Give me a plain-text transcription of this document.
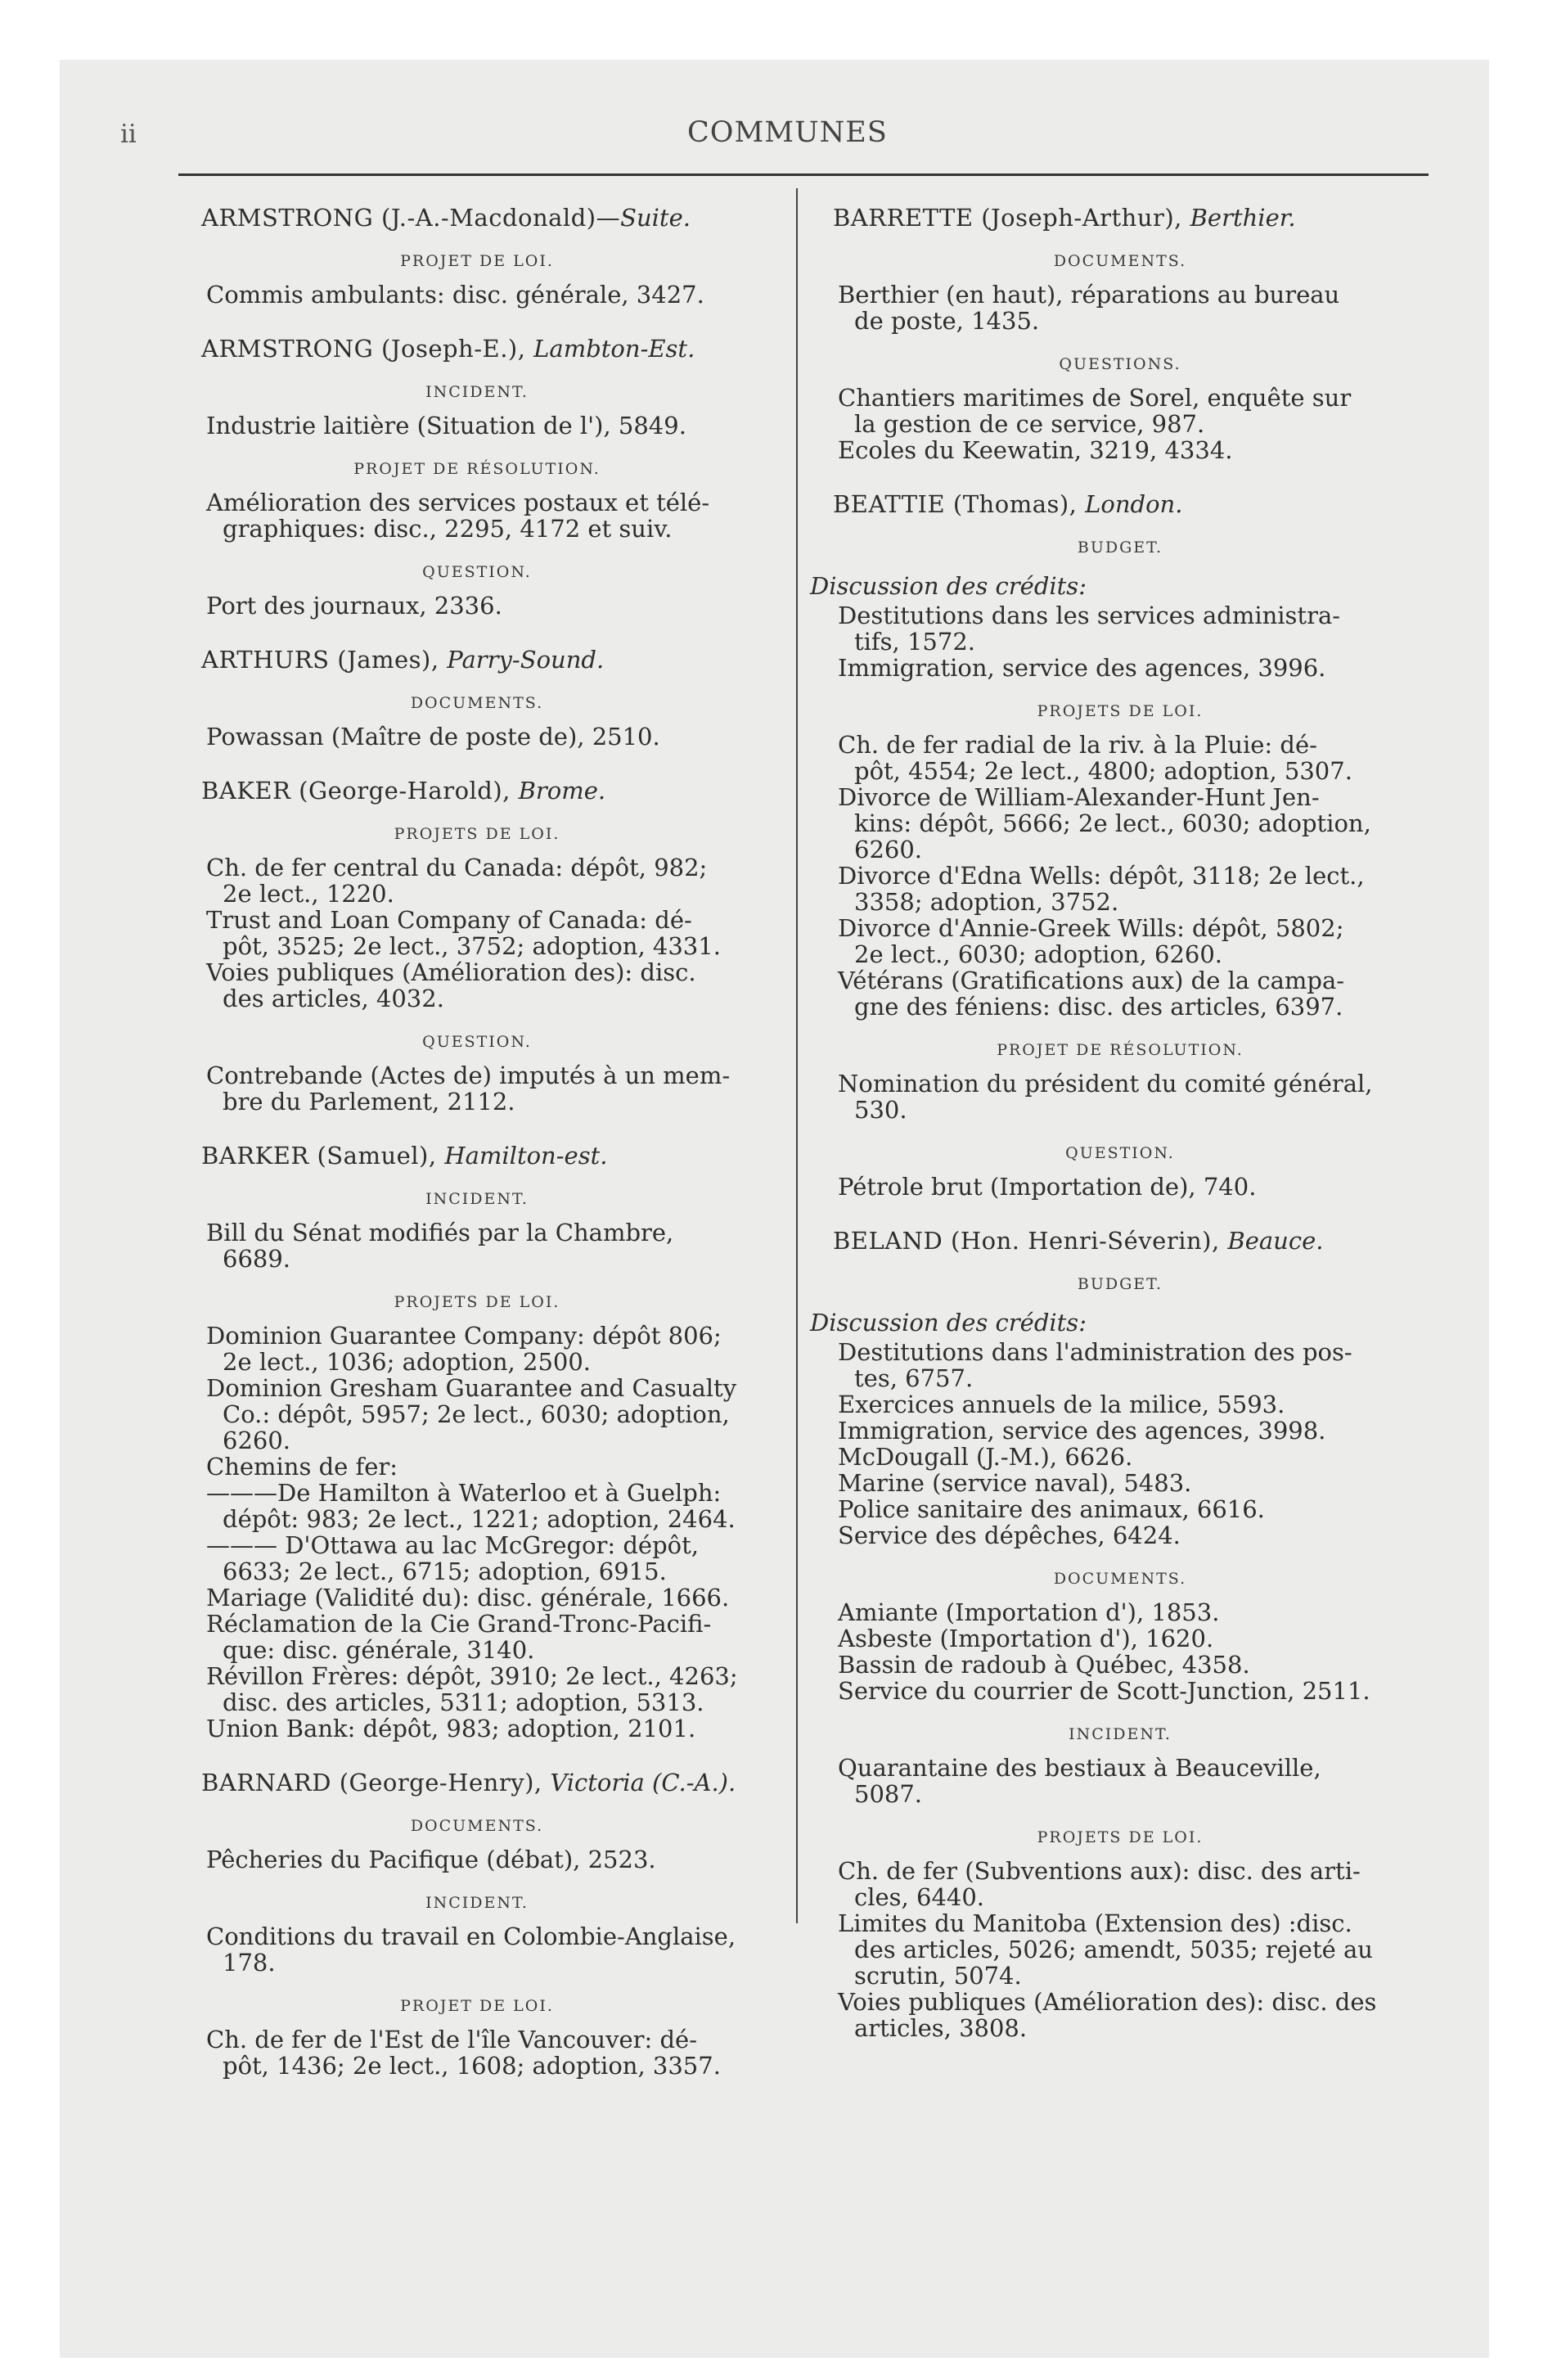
ii	COMMUNES

ARMSTRONG (J.-A.-Macdonald)—Suite.

PROJET DE LOI.

Commis ambulants: disc. générale, 3427.

ARMSTRONG (Joseph-E.), Lambton-Est.

INCIDENT.

Industrie laitière (Situation de l'), 5849.

PROJET DE RÉSOLUTION.

Amélioration des services postaux et télé-

graphiques: disc., 2295, 4172 et suiv.

QUESTION.

Port des journaux, 2336.

ARTHURS (James), Parry-Sound.

DOCUMENTS.

Powassan (Maître de poste de), 2510.

BAKER (George-Harold), Brome.

PROJETS DE LOI.

Ch. de fer central du Canada: dépôt, 982;

2e lect., 1220.

Trust and Loan Company of Canada: dé-

pôt, 3525; 2e lect., 3752; adoption, 4331.

Voies publiques (Amélioration des): disc.

des articles, 4032.

QUESTION.

Contrebande (Actes de) imputés à un mem-

bre du Parlement, 2112.

BARKER (Samuel), Hamilton-est.

INCIDENT.

Bill du Sénat modifiés par la Chambre,

6689.

PROJETS DE LOI.

Dominion Guarantee Company: dépôt 806;

2e lect., 1036; adoption, 2500.

Dominion Gresham Guarantee and Casualty

Co.: dépôt, 5957; 2e lect., 6030; adoption,

6260.

Chemins de fer:

———De Hamilton à Waterloo et à Guelph:

dépôt: 983; 2e lect., 1221; adoption, 2464.

——— D'Ottawa au lac McGregor: dépôt,

6633; 2e lect., 6715; adoption, 6915.

Mariage (Validité du): disc. générale, 1666.

Réclamation de la Cie Grand-Tronc-Pacifi-

que: disc. générale, 3140.

Révillon Frères: dépôt, 3910; 2e lect., 4263;

disc. des articles, 5311; adoption, 5313.

Union Bank: dépôt, 983; adoption, 2101.

BARNARD (George-Henry), Victoria (C.-A.).

DOCUMENTS.

Pêcheries du Pacifique (débat), 2523.

INCIDENT.

Conditions du travail en Colombie-Anglaise,

178.

PROJET DE LOI.

Ch. de fer de l'Est de l'île Vancouver: dé-

pôt, 1436; 2e lect., 1608; adoption, 3357.

BARRETTE (Joseph-Arthur), Berthier.

DOCUMENTS.

Berthier (en haut), réparations au bureau

de poste, 1435.

QUESTIONS.

Chantiers maritimes de Sorel, enquête sur

la gestion de ce service, 987.

Ecoles du Keewatin, 3219, 4334.

BEATTIE (Thomas), London.

BUDGET.

Discussion des crédits:

Destitutions dans les services administra-

tifs, 1572.

Immigration, service des agences, 3996.

PROJETS DE LOI.

Ch. de fer radial de la riv. à la Pluie: dé-

pôt, 4554; 2e lect., 4800; adoption, 5307.

Divorce de William-Alexander-Hunt Jen-

kins: dépôt, 5666; 2e lect., 6030; adoption,

6260.

Divorce d'Edna Wells: dépôt, 3118; 2e lect.,

3358; adoption, 3752.

Divorce d'Annie-Greek Wills: dépôt, 5802;

2e lect., 6030; adoption, 6260.

Vétérans (Gratifications aux) de la campa-

gne des féniens: disc. des articles, 6397.

PROJET DE RÉSOLUTION.

Nomination du président du comité général,

530.

QUESTION.

Pétrole brut (Importation de), 740.

BELAND (Hon. Henri-Séverin), Beauce.

BUDGET.

Discussion des crédits:

Destitutions dans l'administration des pos-

tes, 6757.

Exercices annuels de la milice, 5593.

Immigration, service des agences, 3998.

McDougall (J.-M.), 6626.

Marine (service naval), 5483.

Police sanitaire des animaux, 6616.

Service des dépêches, 6424.

DOCUMENTS.

Amiante (Importation d'), 1853.

Asbeste (Importation d'), 1620.

Bassin de radoub à Québec, 4358.

Service du courrier de Scott-Junction, 2511.

INCIDENT.

Quarantaine des bestiaux à Beauceville,

5087.

PROJETS DE LOI.

Ch. de fer (Subventions aux): disc. des arti-

cles, 6440.

Limites du Manitoba (Extension des) :disc.

des articles, 5026; amendt, 5035; rejeté au

scrutin, 5074.

Voies publiques (Amélioration des): disc. des

articles, 3808.
